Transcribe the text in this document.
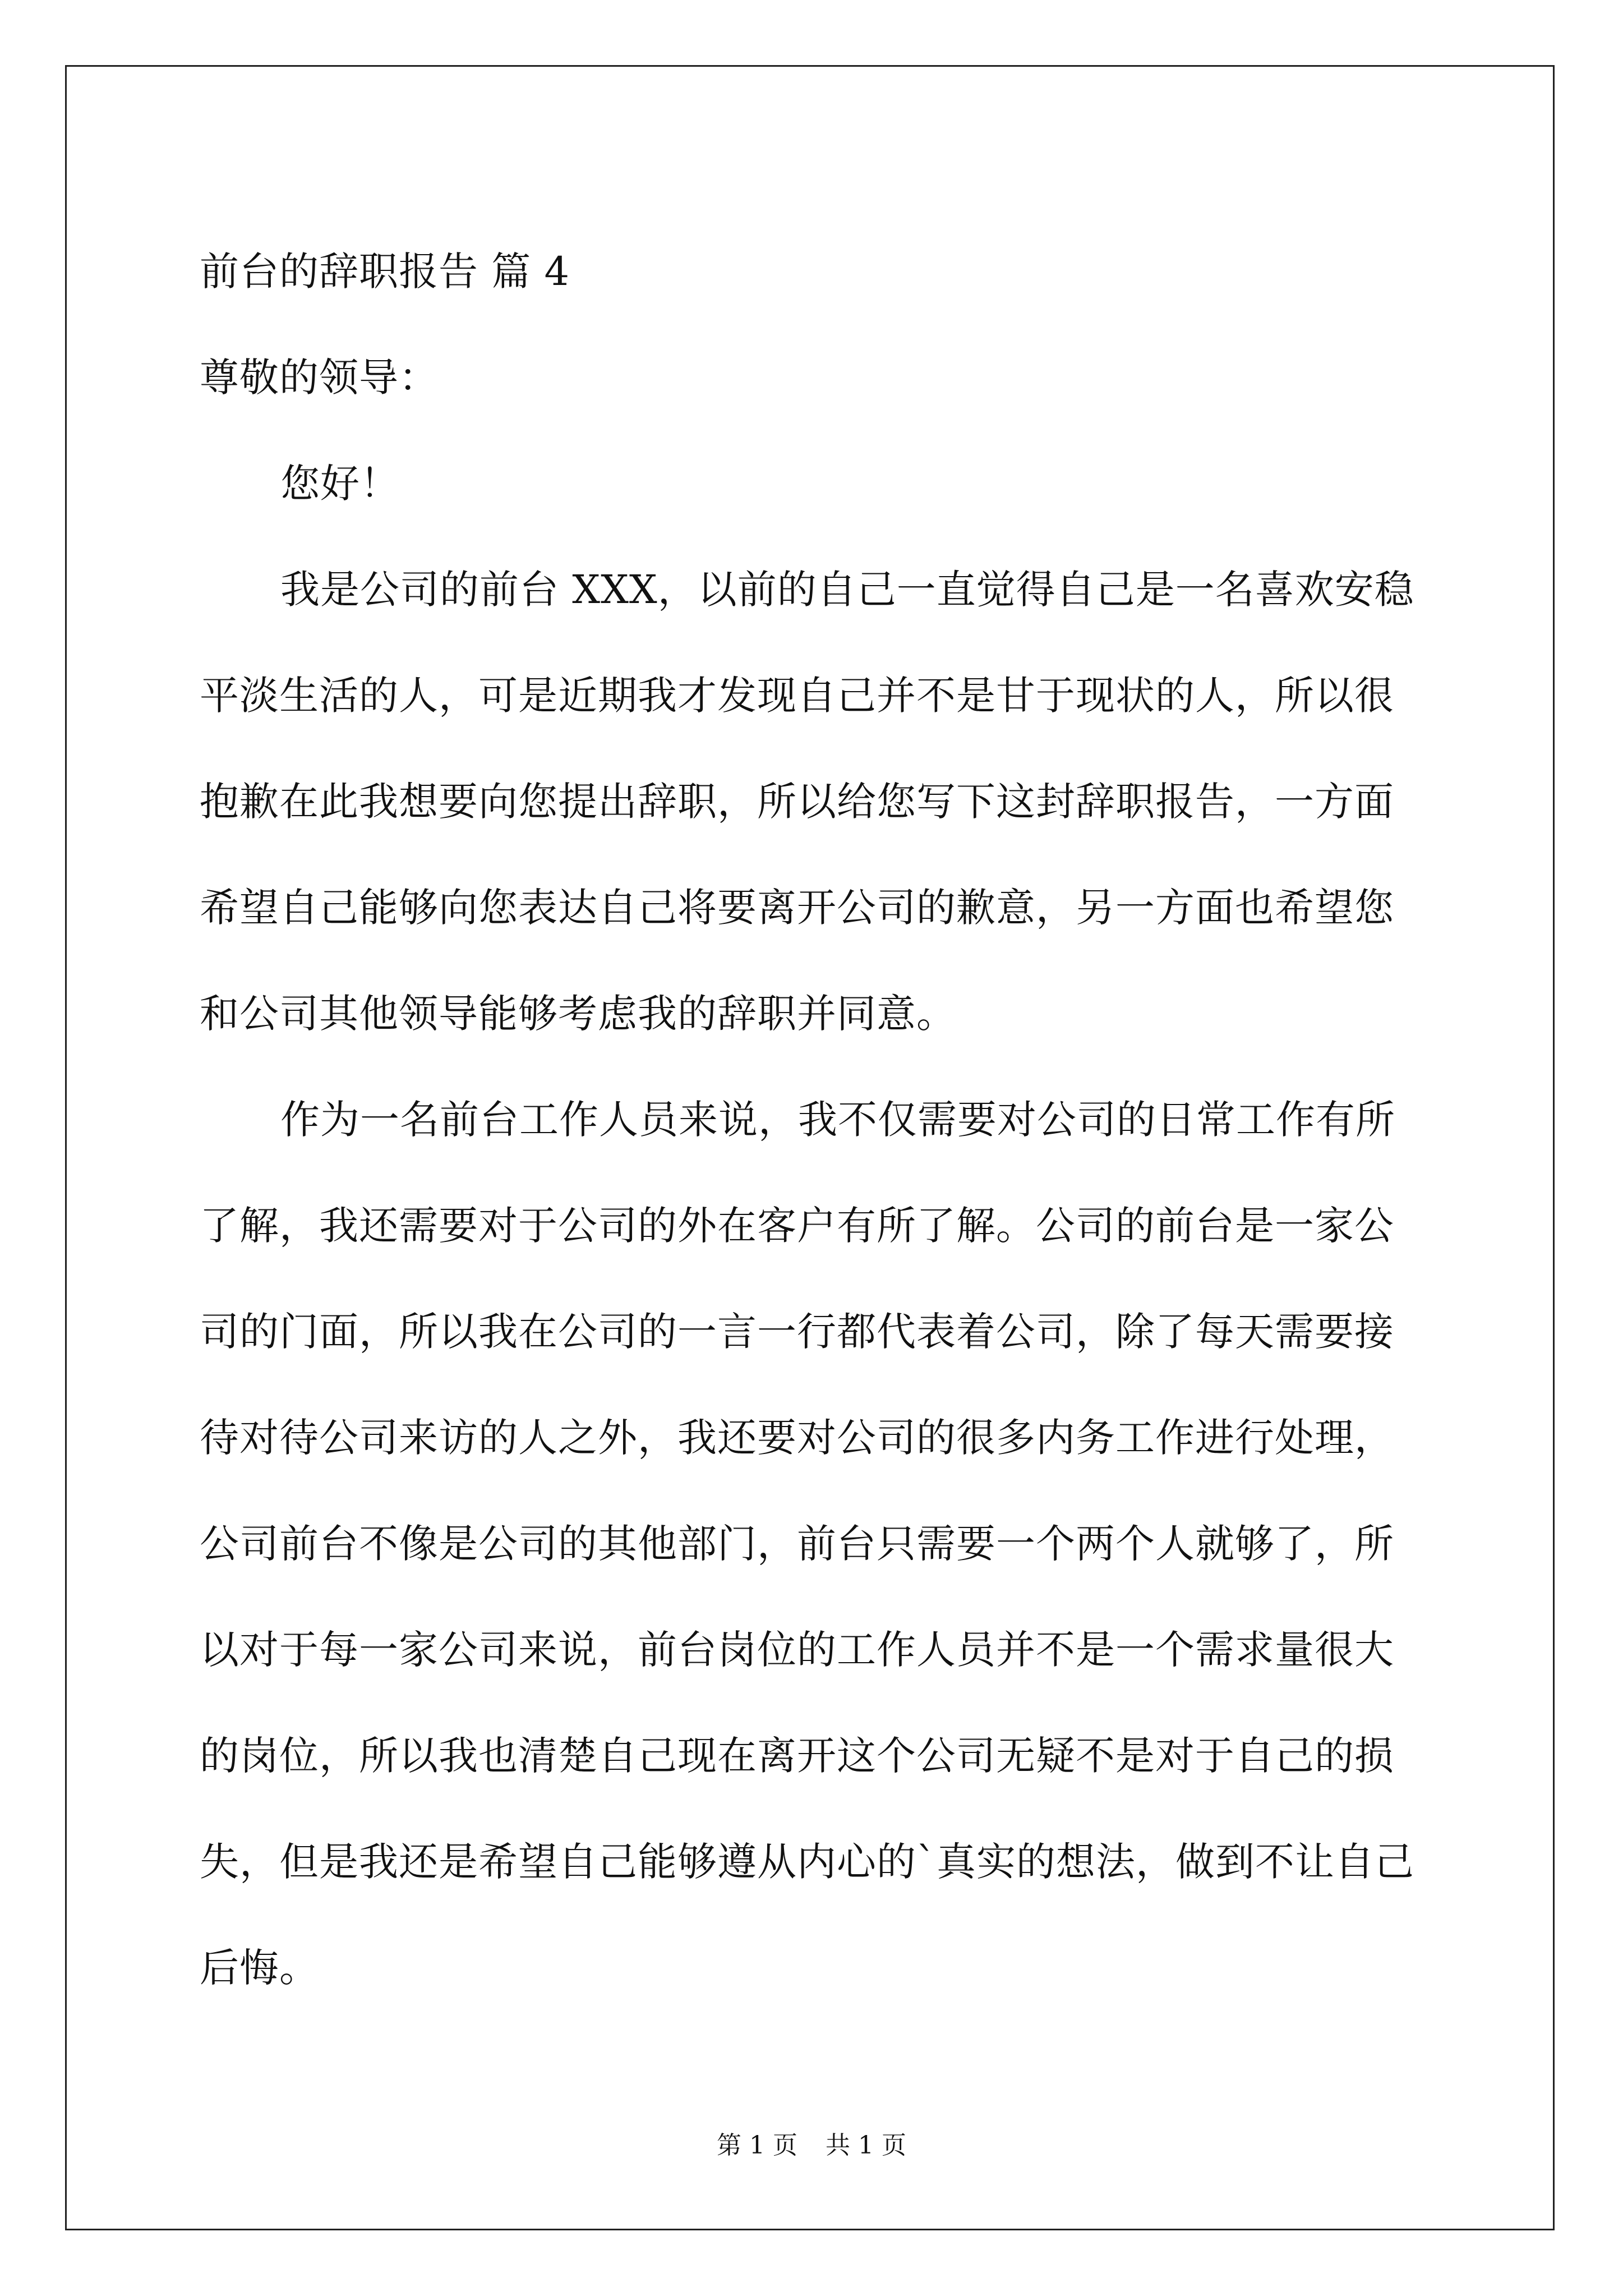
前台的辞职报告 篇 4
尊敬的领导：
您好！
我是公司的前台 XXX，以前的自己一直觉得自己是一名喜欢安稳
平淡生活的人，可是近期我才发现自己并不是甘于现状的人，所以很
抱歉在此我想要向您提出辞职，所以给您写下这封辞职报告，一方面
希望自己能够向您表达自己将要离开公司的歉意，另一方面也希望您
和公司其他领导能够考虑我的辞职并同意。
作为一名前台工作人员来说，我不仅需要对公司的日常工作有所
了解，我还需要对于公司的外在客户有所了解。公司的前台是一家公
司的门面，所以我在公司的一言一行都代表着公司，除了每天需要接
待对待公司来访的人之外，我还要对公司的很多内务工作进行处理，
公司前台不像是公司的其他部门，前台只需要一个两个人就够了，所
以对于每一家公司来说，前台岗位的工作人员并不是一个需求量很大
的岗位，所以我也清楚自己现在离开这个公司无疑不是对于自己的损
失，但是我还是希望自己能够遵从内心的`真实的想法，做到不让自己
后悔。
第 1 页 共 1 页
